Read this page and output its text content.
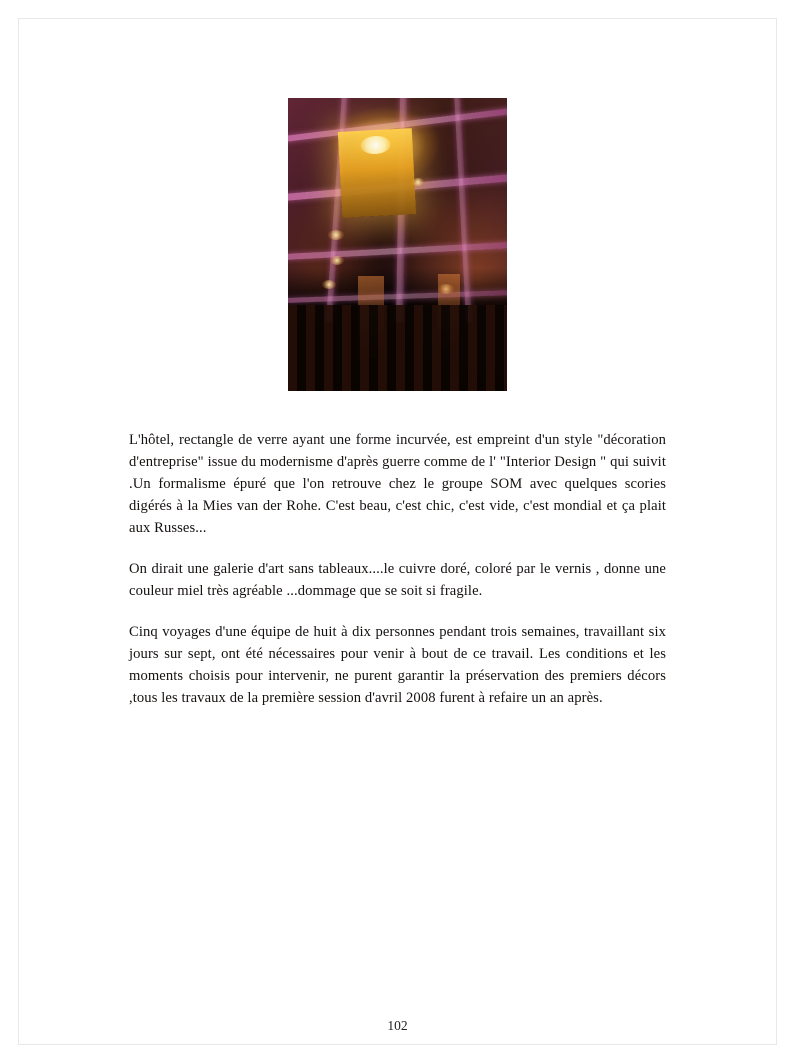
L'hôtel, rectangle de verre ayant une forme incurvée, est empreint d'un style "décoration d'entreprise" issue du modernisme d'après guerre comme de l' "Interior Design " qui suivit .Un formalisme épuré que l'on retrouve chez le groupe SOM avec quelques scories digérés à la Mies van der Rohe. C'est beau, c'est chic, c'est vide, c'est mondial et ça plait aux Russes...

On dirait une galerie d'art sans tableaux....le cuivre doré, coloré par le vernis , donne une couleur miel très agréable ...dommage que se soit si fragile.

Cinq voyages d'une équipe de huit à dix personnes pendant trois semaines, travaillant six jours sur sept, ont été nécessaires pour venir à bout de ce travail. Les conditions et les moments choisis pour intervenir, ne purent garantir la préservation des premiers décors ,tous les travaux de la première session d'avril 2008 furent à refaire un an après.

102
